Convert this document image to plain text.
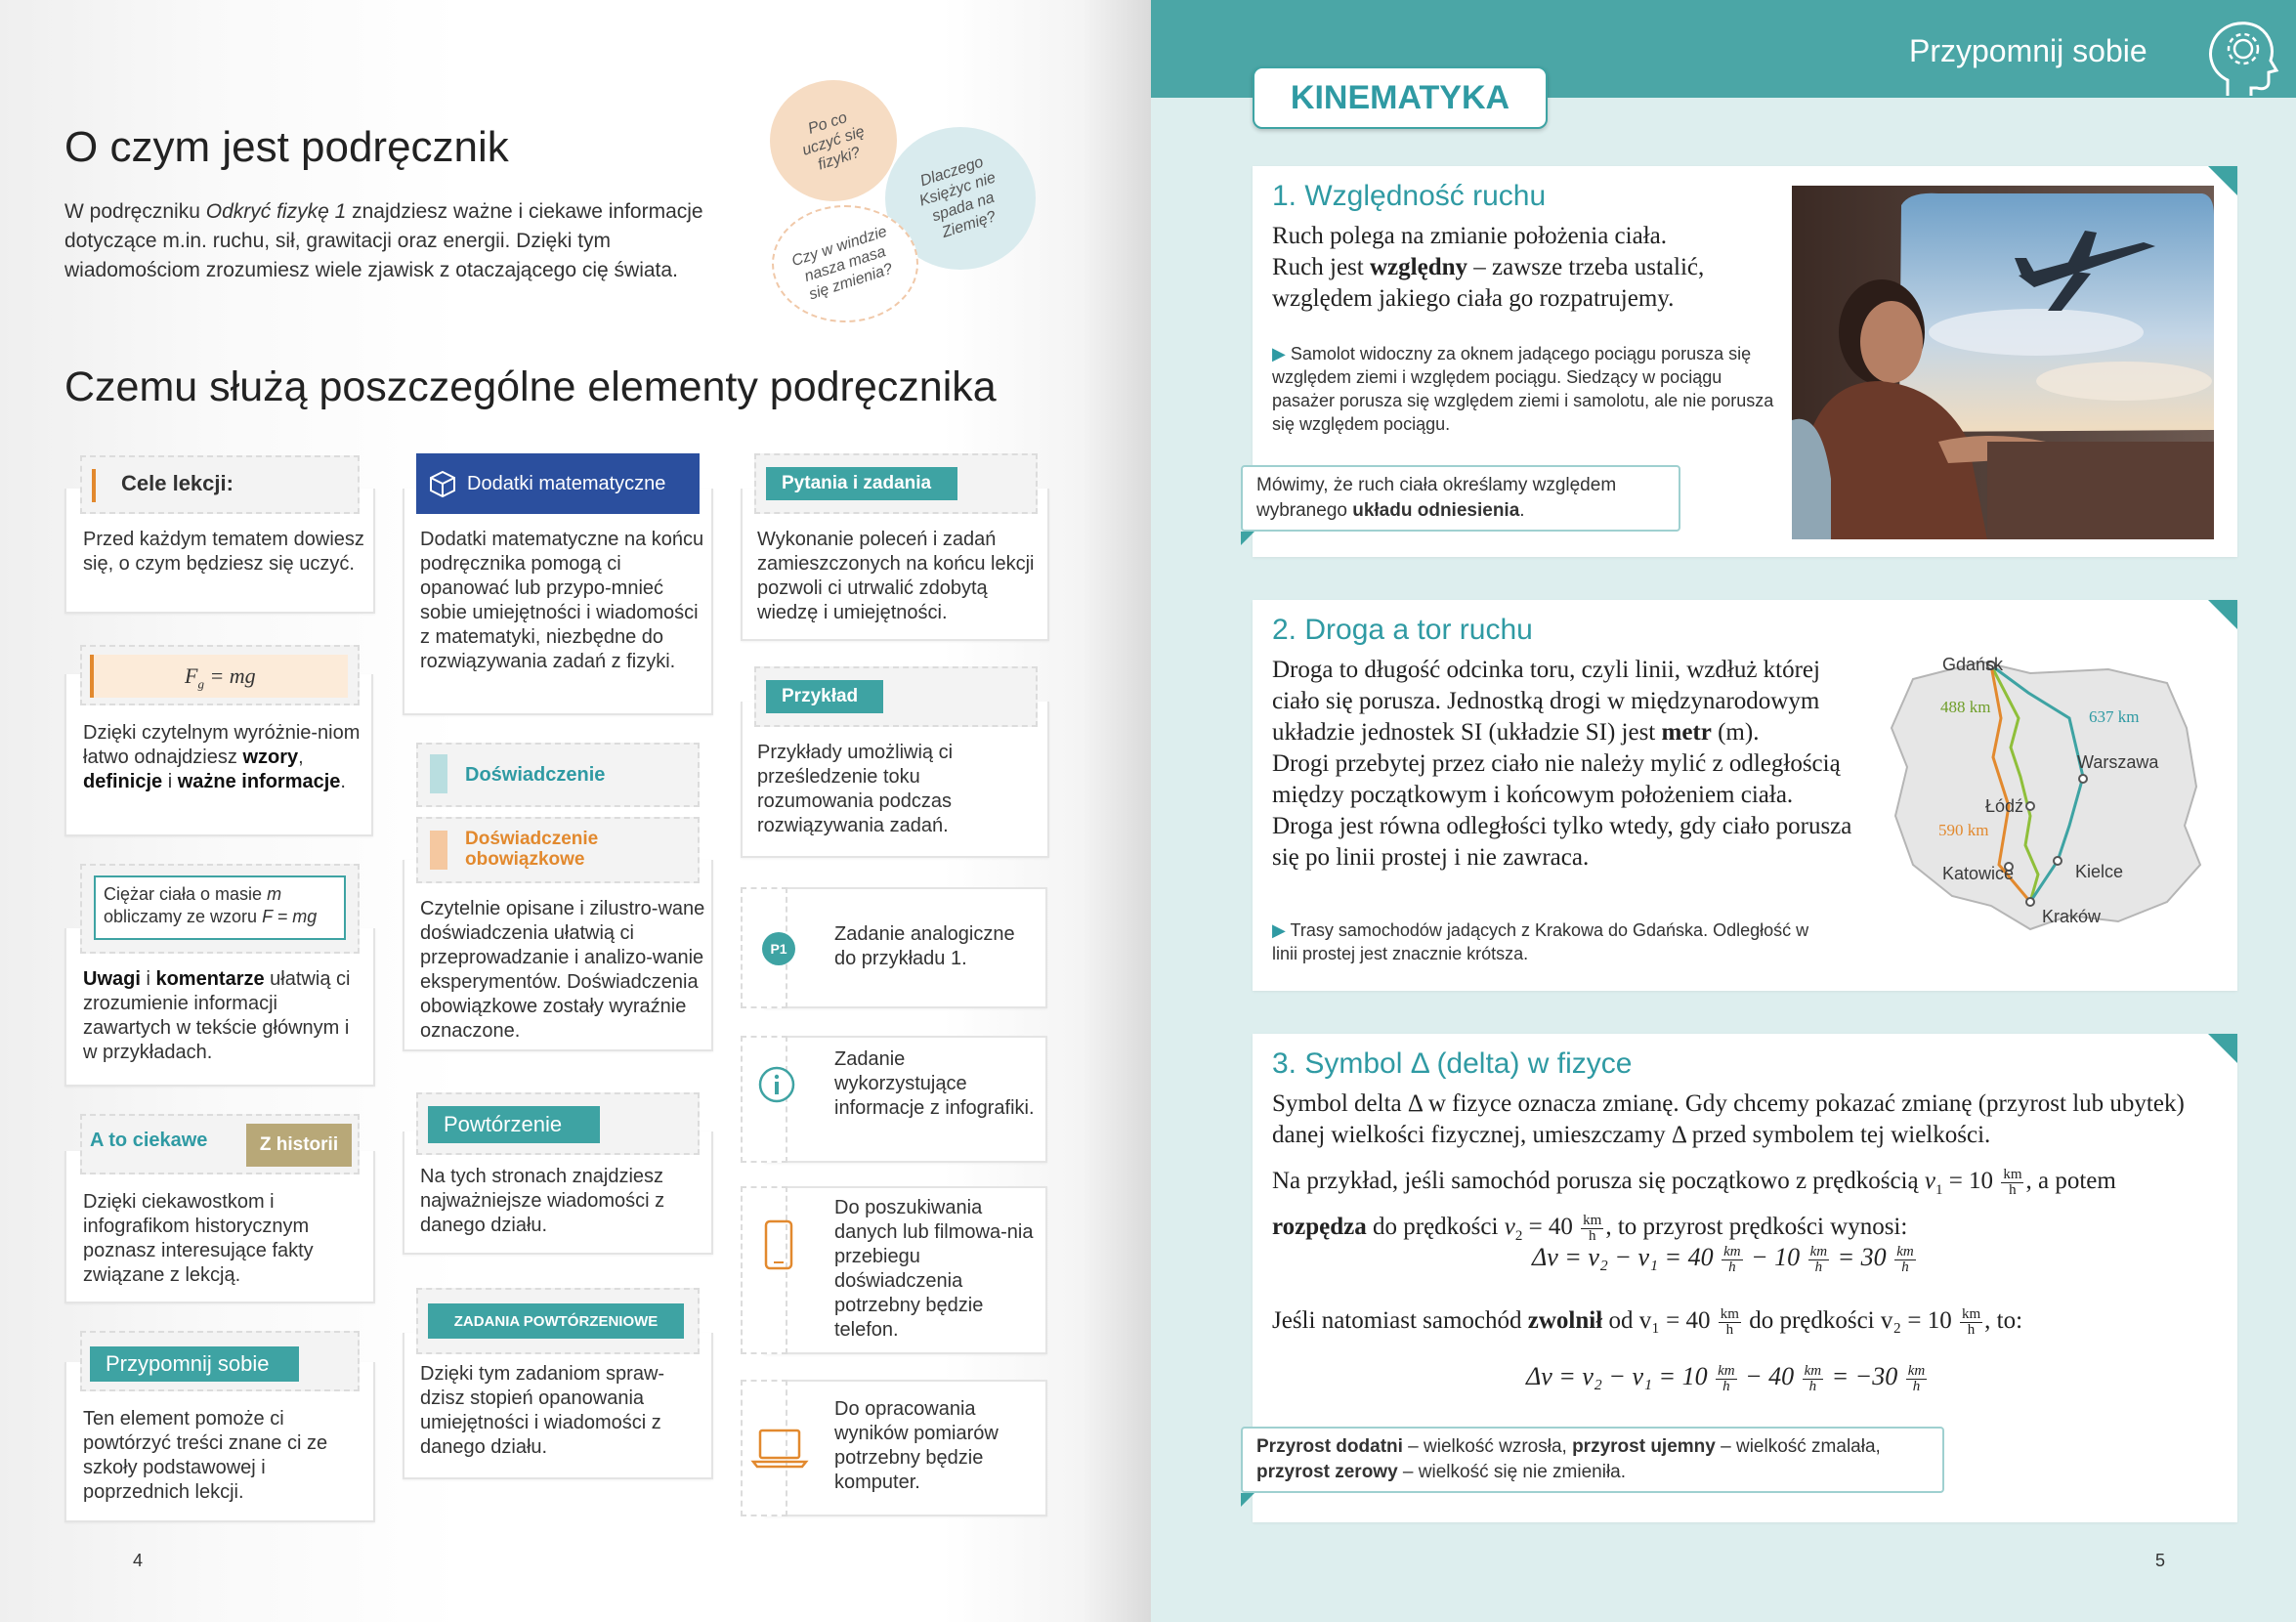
O czym jest podręcznik
W podręczniku Odkryć fizykę 1 znajdziesz ważne i ciekawe informacje dotyczące m.in. ruchu, sił, grawitacji oraz energii. Dzięki tym wiadomościom zrozumiesz wiele zjawisk z otaczającego cię świata.
Po co uczyć się fizyki?	Dlaczego Księżyc nie spada na Ziemię?
Czy w windzie nasza masa się zmienia?
Czemu służą poszczególne elementy podręcznika
Cele lekcji:
Przed każdym tematem dowiesz się, o czym będziesz się uczyć.
$F_g$ = mg
Dzięki czytelnym wyróżnie-niom łatwo odnajdziesz wzory, definicje i ważne informacje.
Ciężar ciała o masie m obliczamy ze wzoru F = mg
Uwagi i komentarze ułatwią ci zrozumienie informacji zawartych w tekście głównym i w przykładach.
A to ciekawe	Z historii
Dzięki ciekawostkom i infografikom historycznym poznasz interesujące fakty związane z lekcją.
Przypomnij sobie
Ten element pomoże ci powtórzyć treści znane ci ze szkoły podstawowej i poprzednich lekcji.
Dodatki matematyczne
Dodatki matematyczne na końcu podręcznika pomogą ci opanować lub przypo-mnieć sobie umiejętności i wiadomości z matematyki, niezbędne do rozwiązywania zadań z fizyki.
Doświadczenie
Doświadczenie obowiązkowe
Czytelnie opisane i zilustro-wane doświadczenia ułatwią ci przeprowadzanie i analizo-wanie eksperymentów. Doświadczenia obowiązkowe zostały wyraźnie oznaczone.
Powtórzenie
Na tych stronach znajdziesz najważniejsze wiadomości z danego działu.
ZADANIA POWTÓRZENIOWE
Dzięki tym zadaniom spraw-dzisz stopień opanowania umiejętności i wiadomości z danego działu.
Pytania i zadania
Wykonanie poleceń i zadań zamieszczonych na końcu lekcji pozwoli ci utrwalić zdobytą wiedzę i umiejętności.
Przykład
Przykłady umożliwią ci prześledzenie toku rozumowania podczas rozwiązywania zadań.
P1
Zadanie analogiczne do przykładu 1.
Zadanie wykorzystujące informacje z infografiki.
Do poszukiwania danych lub filmowa-nia przebiegu doświadczenia potrzebny będzie telefon.
Do opracowania wyników pomiarów potrzebny będzie komputer.
4
Przypomnij sobie
KINEMATYKA
1. Względność ruchu
Ruch polega na zmianie położenia ciała.
Ruch jest względny – zawsze trzeba ustalić, względem jakiego ciała go rozpatrujemy.
▶ Samolot widoczny za oknem jadącego pociągu porusza się względem ziemi i względem pociągu. Siedzący w pociągu pasażer porusza się względem ziemi i samolotu, ale nie porusza się względem pociągu.
Mówimy, że ruch ciała określamy względem wybranego układu odniesienia.
2. Droga a tor ruchu
Droga to długość odcinka toru, czyli linii, wzdłuż której ciało się porusza. Jednostką drogi w międzynarodowym układzie jednostek SI (układzie SI) jest metr (m).
Drogi przebytej przez ciało nie należy mylić z odległością między początkowym i końcowym położeniem ciała.
Droga jest równa odległości tylko wtedy, gdy ciało porusza się po linii prostej i nie zawraca.
▶ Trasy samochodów jadących z Krakowa do Gdańska. Odległość w linii prostej jest znacznie krótsza.
Gdańsk
Warszawa
Łódź
Katowice	Kielce
Kraków
488 km
637 km
590 km
3. Symbol Δ (delta) w fizyce
Symbol delta Δ w fizyce oznacza zmianę. Gdy chcemy pokazać zmianę (przyrost lub ubytek) danej wielkości fizycznej, umieszczamy Δ przed symbolem tej wielkości.
Na przykład, jeśli samochód porusza się początkowo z prędkością $v_1 = 10 \frac{km}{h}$ , a potem rozpędza do prędkości $v_2 = 40 \frac{km}{h}$ , to przyrost prędkości wynosi:
$\Delta v = v_2 - v_1 = 40 \frac{km}{h} - 10 \frac{km}{h} = 30 \frac{km}{h}$
Jeśli natomiast samochód zwolnił od $v_1 = 40 \frac{km}{h}$ do prędkości $v_2 = 10 \frac{km}{h}$ , to:
$\Delta v = v_2 - v_1 = 10 \frac{km}{h} - 40 \frac{km}{h} = -30 \frac{km}{h}$
Przyrost dodatni – wielkość wzrosła, przyrost ujemny – wielkość zmalała, przyrost zerowy – wielkość się nie zmieniła.
5
